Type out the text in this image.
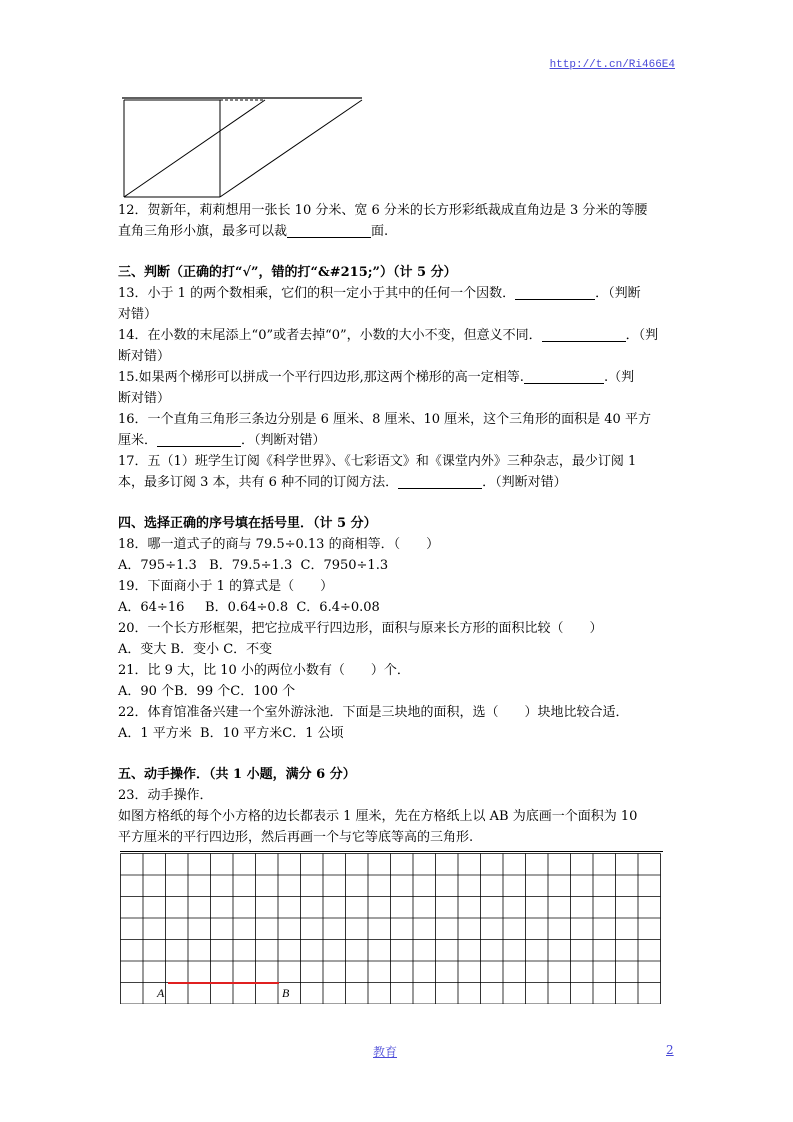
http://t.cn/Ri466E4
12．贺新年，莉莉想用一张长 10 分米、宽 6 分米的长方形彩纸裁成直角边是 3 分米的等腰
直角三角形小旗，最多可以裁	面.
三、判断（正确的打“√”，错的打“&#215;”）（计 5 分）
13．小于 1 的两个数相乘，它们的积一定小于其中的任何一个因数．	．（判断
对错）
14．在小数的末尾添上“0”或者去掉“0”，小数的大小不变，但意义不同．	．（判
断对错）
15.如果两个梯形可以拼成一个平行四边形,那这两个梯形的高一定相等.	.（判
断对错）
16．一个直角三角形三条边分别是 6 厘米、8 厘米、10 厘米，这个三角形的面积是 40 平方
厘米．	．（判断对错）
17．五（1）班学生订阅《科学世界》、《七彩语文》和《课堂内外》三种杂志，最少订阅 1
本，最多订阅 3 本，共有 6 种不同的订阅方法．	．（判断对错）
四、选择正确的序号填在括号里．（计 5 分）
18．哪一道式子的商与 79.5÷0.13 的商相等．（　　）
A．795÷1.3   B．79.5÷1.3  C．7950÷1.3
19．下面商小于 1 的算式是（　　）
A．64÷16     B．0.64÷0.8  C．6.4÷0.08
20．一个长方形框架，把它拉成平行四边形，面积与原来长方形的面积比较（　　）
A．变大 B．变小 C．不变
21．比 9 大，比 10 小的两位小数有（　　）个．
A．90 个B．99 个C．100 个
22．体育馆准备兴建一个室外游泳池．下面是三块地的面积，选（　　）块地比较合适．
A．1 平方米  B．10 平方米C．1 公顷
五、动手操作．（共 1 小题，满分 6 分）
23．动手操作．
如图方格纸的每个小方格的边长都表示 1 厘米，先在方格纸上以 AB 为底画一个面积为 10
平方厘米的平行四边形，然后再画一个与它等底等高的三角形.
A	B
教育	2
